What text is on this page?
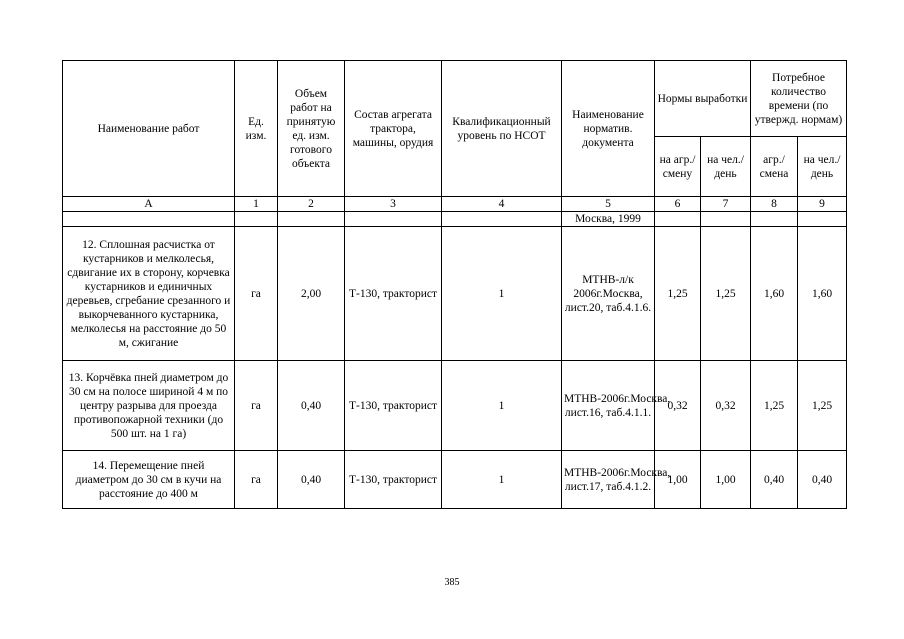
Наименование работ	Ед. изм.	Объем работ на принятую ед. изм. готового объекта	Состав агрегата трактора, машины, орудия	Квалификационный уровень по НСОТ	Наименование норматив. документа	Нормы выработки		Потребное количество времени (по утвержд. нормам)	
						на агр./ смену	на чел./ день	агр./ смена	на чел./ день
А	1	2	3	4	5	6	7	8	9
					Москва, 1999				
12. Сплошная расчистка от кустарников и мелколесья, сдвигание их в сторону, корчевка кустарников и единичных деревьев, сгребание срезанного и выкорчеванного кустарника, мелколесья на расстояние до 50 м, сжигание	га	2,00	Т-130, тракторист	1	МТНВ-л/к 2006г.Москва, лист.20, таб.4.1.6.	1,25	1,25	1,60	1,60
13. Корчёвка пней диаметром до 30 см на полосе шириной 4 м по центру разрыва для проезда противопожарной техники (до 500 шт. на 1 га)	га	0,40	Т-130, тракторист	1	МТНВ-2006г.Москва, лист.16, таб.4.1.1.	0,32	0,32	1,25	1,25
14. Перемещение пней диаметром до 30 см в кучи на расстояние до 400 м	га	0,40	Т-130, тракторист	1	МТНВ-2006г.Москва, лист.17, таб.4.1.2.	1,00	1,00	0,40	0,40
385
